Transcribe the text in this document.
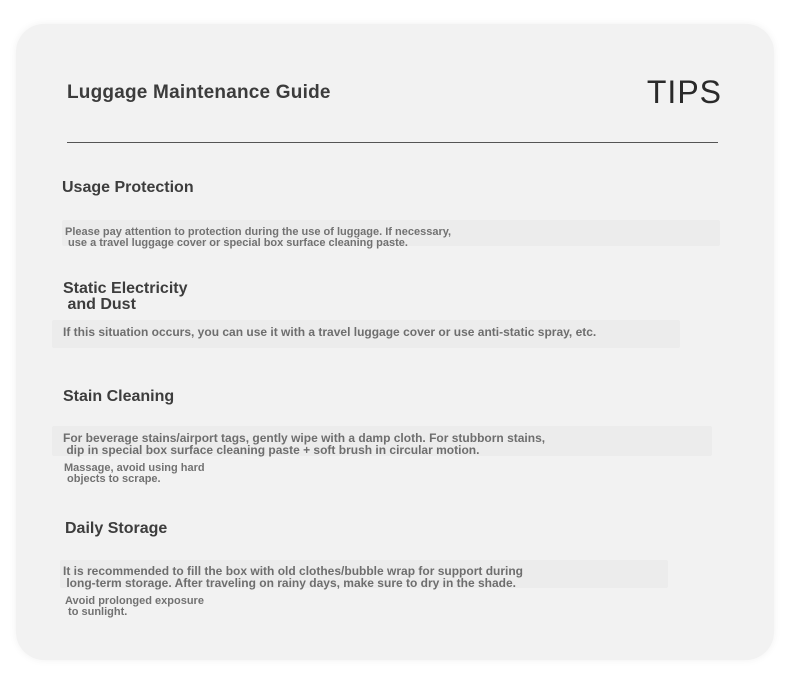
Luggage Maintenance Guide	TIPS
Usage Protection
Please pay attention to protection during the use of luggage. If necessary,
use a travel luggage cover or special box surface cleaning paste.
Static Electricity
and Dust
If this situation occurs, you can use it with a travel luggage cover or use anti-static spray, etc.
Stain Cleaning
For beverage stains/airport tags, gently wipe with a damp cloth. For stubborn stains,
dip in special box surface cleaning paste + soft brush in circular motion.
Massage, avoid using hard
objects to scrape.
Daily Storage
It is recommended to fill the box with old clothes/bubble wrap for support during
long-term storage. After traveling on rainy days, make sure to dry in the shade.
Avoid prolonged exposure
to sunlight.
